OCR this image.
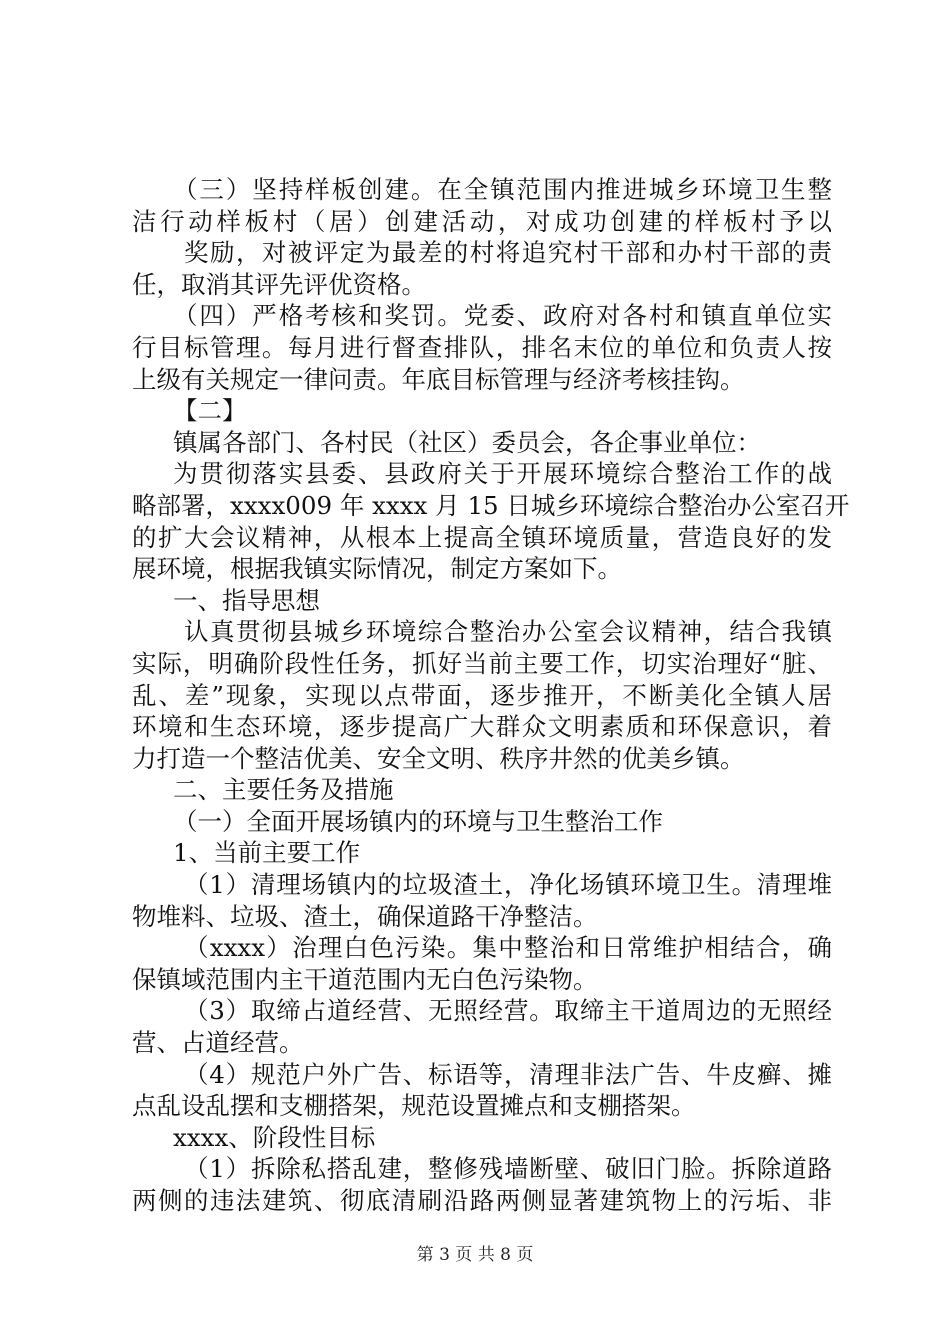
（三）坚持样板创建。在全镇范围内推进城乡环境卫生整
洁行动样板村（居）创建活动，对成功创建的样板村予以
奖励，对被评定为最差的村将追究村干部和办村干部的责
任，取消其评先评优资格。
（四）严格考核和奖罚。党委、政府对各村和镇直单位实
行目标管理。每月进行督查排队，排名末位的单位和负责人按
上级有关规定一律问责。年底目标管理与经济考核挂钩。
【二】
镇属各部门、各村民（社区）委员会，各企事业单位：
为贯彻落实县委、县政府关于开展环境综合整治工作的战
略部署，xxxx009 年 xxxx 月 15 日城乡环境综合整治办公室召开
的扩大会议精神，从根本上提高全镇环境质量，营造良好的发
展环境，根据我镇实际情况，制定方案如下。
一、指导思想
认真贯彻县城乡环境综合整治办公室会议精神，结合我镇
实际，明确阶段性任务，抓好当前主要工作，切实治理好“脏、
乱、差”现象，实现以点带面，逐步推开，不断美化全镇人居
环境和生态环境，逐步提高广大群众文明素质和环保意识，着
力打造一个整洁优美、安全文明、秩序井然的优美乡镇。
二、主要任务及措施
（一）全面开展场镇内的环境与卫生整治工作
1、当前主要工作
（1）清理场镇内的垃圾渣土，净化场镇环境卫生。清理堆
物堆料、垃圾、渣土，确保道路干净整洁。
（xxxx）治理白色污染。集中整治和日常维护相结合，确
保镇域范围内主干道范围内无白色污染物。
（3）取缔占道经营、无照经营。取缔主干道周边的无照经
营、占道经营。
（4）规范户外广告、标语等，清理非法广告、牛皮癣、摊
点乱设乱摆和支棚搭架，规范设置摊点和支棚搭架。
xxxx、阶段性目标
（1）拆除私搭乱建，整修残墙断壁、破旧门脸。拆除道路
两侧的违法建筑、彻底清刷沿路两侧显著建筑物上的污垢、非
第 3 页 共 8 页
